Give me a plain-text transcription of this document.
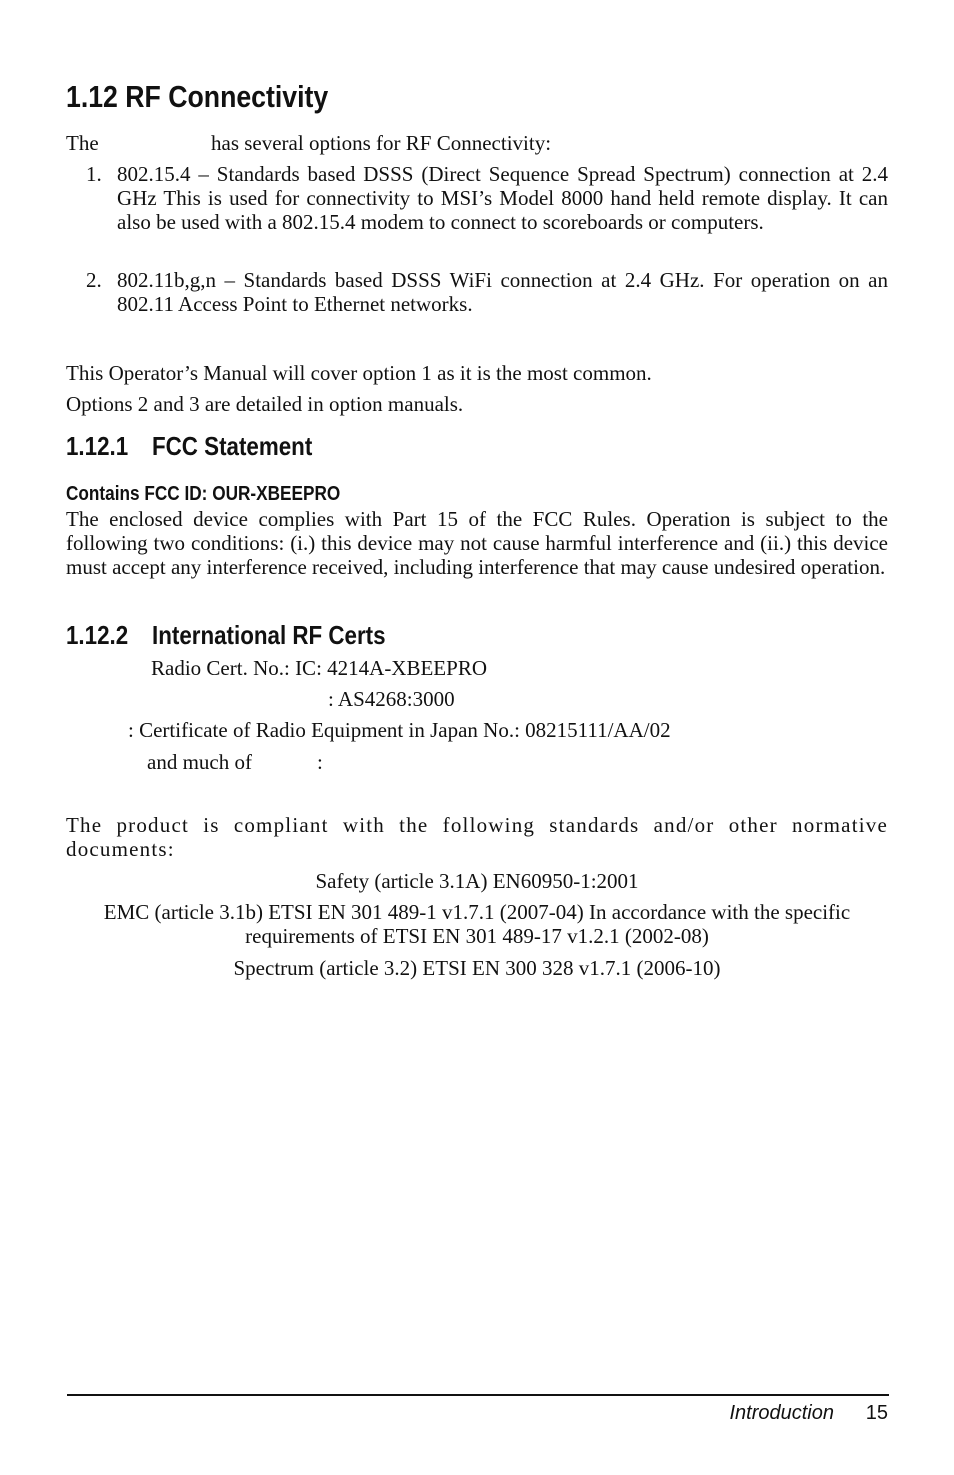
1.12 RF Connectivity
The	has several options for RF Connectivity:
1. 802.15.4 – Standards based DSSS (Direct Sequence Spread Spectrum) connection at 2.4 GHz This is used for connectivity to MSI’s Model 8000 hand held remote display. It can also be used with a 802.15.4 modem to connect to scoreboards or computers.
2. 802.11b,g,n – Standards based DSSS WiFi connection at 2.4 GHz. For operation on an 802.11 Access Point to Ethernet networks.
This Operator’s Manual will cover option 1 as it is the most common.
Options 2 and 3 are detailed in option manuals.
1.12.1 FCC Statement
Contains FCC ID: OUR-XBEEPRO
The enclosed device complies with Part 15 of the FCC Rules. Operation is subject to the following two conditions: (i.) this device may not cause harmful interference and (ii.) this device must accept any interference received, including interference that may cause undesired operation.
1.12.2 International RF Certs
Radio Cert. No.: IC: 4214A-XBEEPRO
: AS4268:3000
: Certificate of Radio Equipment in Japan No.: 08215111/AA/02
and much of	:
The product is compliant with the following standards and/or other normative documents:
Safety (article 3.1A) EN60950-1:2001
EMC (article 3.1b) ETSI EN 301 489-1 v1.7.1 (2007-04) In accordance with the specific requirements of ETSI EN 301 489-17 v1.2.1 (2002-08)
Spectrum (article 3.2) ETSI EN 300 328 v1.7.1 (2006-10)
Introduction 15
